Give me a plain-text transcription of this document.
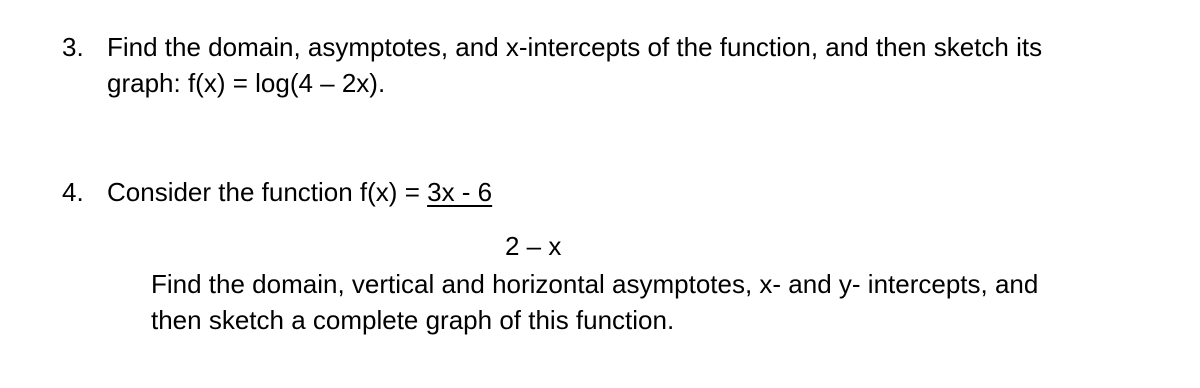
3. Find the domain, asymptotes, and x-intercepts of the function, and then sketch its
graph: f(x) = log(4 – 2x).
4. Consider the function f(x) = 3x - 6
2 – x
Find the domain, vertical and horizontal asymptotes, x- and y- intercepts, and
then sketch a complete graph of this function.
